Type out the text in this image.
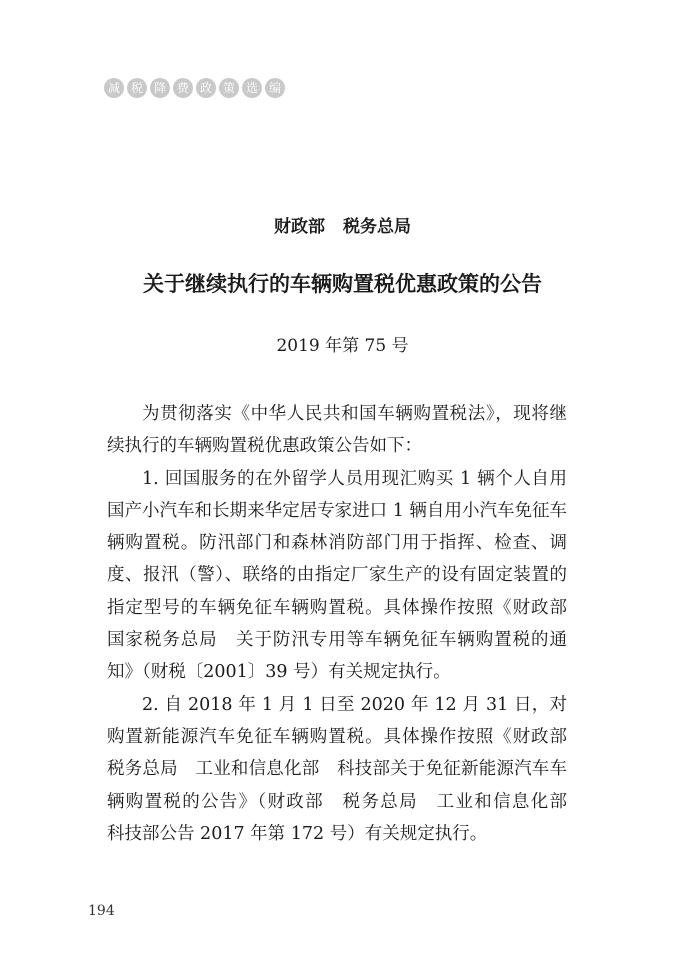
减 税 降 费 政 策 选 编
财政部 税务总局
关于继续执行的车辆购置税优惠政策的公告
2019 年第 75 号

为贯彻落实《中华人民共和国车辆购置税法》，现将继续执行的车辆购置税优惠政策公告如下：

1. 回国服务的在外留学人员用现汇购买 1 辆个人自用国产小汽车和长期来华定居专家进口 1 辆自用小汽车免征车辆购置税。防汛部门和森林消防部门用于指挥、检查、调度、报汛（警）、联络的由指定厂家生产的设有固定装置的指定型号的车辆免征车辆购置税。具体操作按照《财政部　国家税务总局　关于防汛专用等车辆免征车辆购置税的通知》（财税〔2001〕39 号）有关规定执行。

2. 自 2018 年 1 月 1 日至 2020 年 12 月 31 日，对购置新能源汽车免征车辆购置税。具体操作按照《财政部　税务总局　工业和信息化部　科技部关于免征新能源汽车车辆购置税的公告》（财政部　税务总局　工业和信息化部　科技部公告 2017 年第 172 号）有关规定执行。

194
